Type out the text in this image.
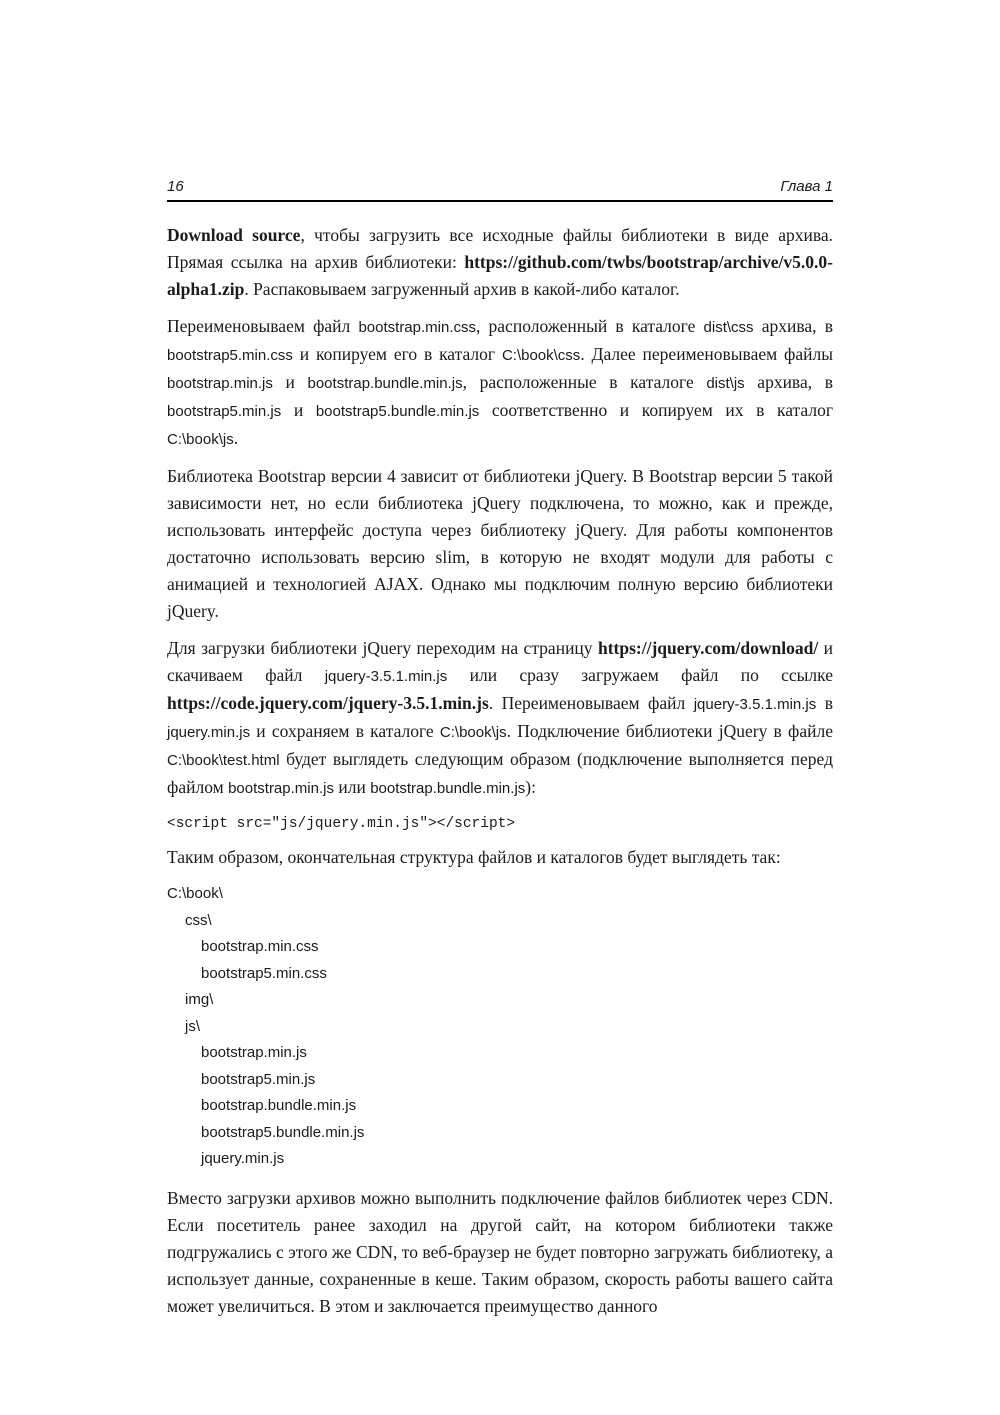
16	Глава 1

Download source, чтобы загрузить все исходные файлы библиотеки в виде архива. Прямая ссылка на архив библиотеки: https://github.com/twbs/bootstrap/archive/v5.0.0-alpha1.zip. Распаковываем загруженный архив в какой-либо каталог.

Переименовываем файл bootstrap.min.css, расположенный в каталоге dist\css архива, в bootstrap5.min.css и копируем его в каталог C:\book\css. Далее переименовываем файлы bootstrap.min.js и bootstrap.bundle.min.js, расположенные в каталоге dist\js архива, в bootstrap5.min.js и bootstrap5.bundle.min.js соответственно и копируем их в каталог C:\book\js.

Библиотека Bootstrap версии 4 зависит от библиотеки jQuery. В Bootstrap версии 5 такой зависимости нет, но если библиотека jQuery подключена, то можно, как и прежде, использовать интерфейс доступа через библиотеку jQuery. Для работы компонентов достаточно использовать версию slim, в которую не входят модули для работы с анимацией и технологией AJAX. Однако мы подключим полную версию библиотеки jQuery.

Для загрузки библиотеки jQuery переходим на страницу https://jquery.com/download/ и скачиваем файл jquery-3.5.1.min.js или сразу загружаем файл по ссылке https://code.jquery.com/jquery-3.5.1.min.js. Переименовываем файл jquery-3.5.1.min.js в jquery.min.js и сохраняем в каталоге C:\book\js. Подключение библиотеки jQuery в файле C:\book\test.html будет выглядеть следующим образом (подключение выполняется перед файлом bootstrap.min.js или bootstrap.bundle.min.js):

<script src="js/jquery.min.js"></script>

Таким образом, окончательная структура файлов и каталогов будет выглядеть так:

C:\book\
css\
bootstrap.min.css
bootstrap5.min.css
img\
js\
bootstrap.min.js
bootstrap5.min.js
bootstrap.bundle.min.js
bootstrap5.bundle.min.js
jquery.min.js

Вместо загрузки архивов можно выполнить подключение файлов библиотек через CDN. Если посетитель ранее заходил на другой сайт, на котором библиотеки также подгружались с этого же CDN, то веб-браузер не будет повторно загружать библиотеку, а использует данные, сохраненные в кеше. Таким образом, скорость работы вашего сайта может увеличиться. В этом и заключается преимущество данного
